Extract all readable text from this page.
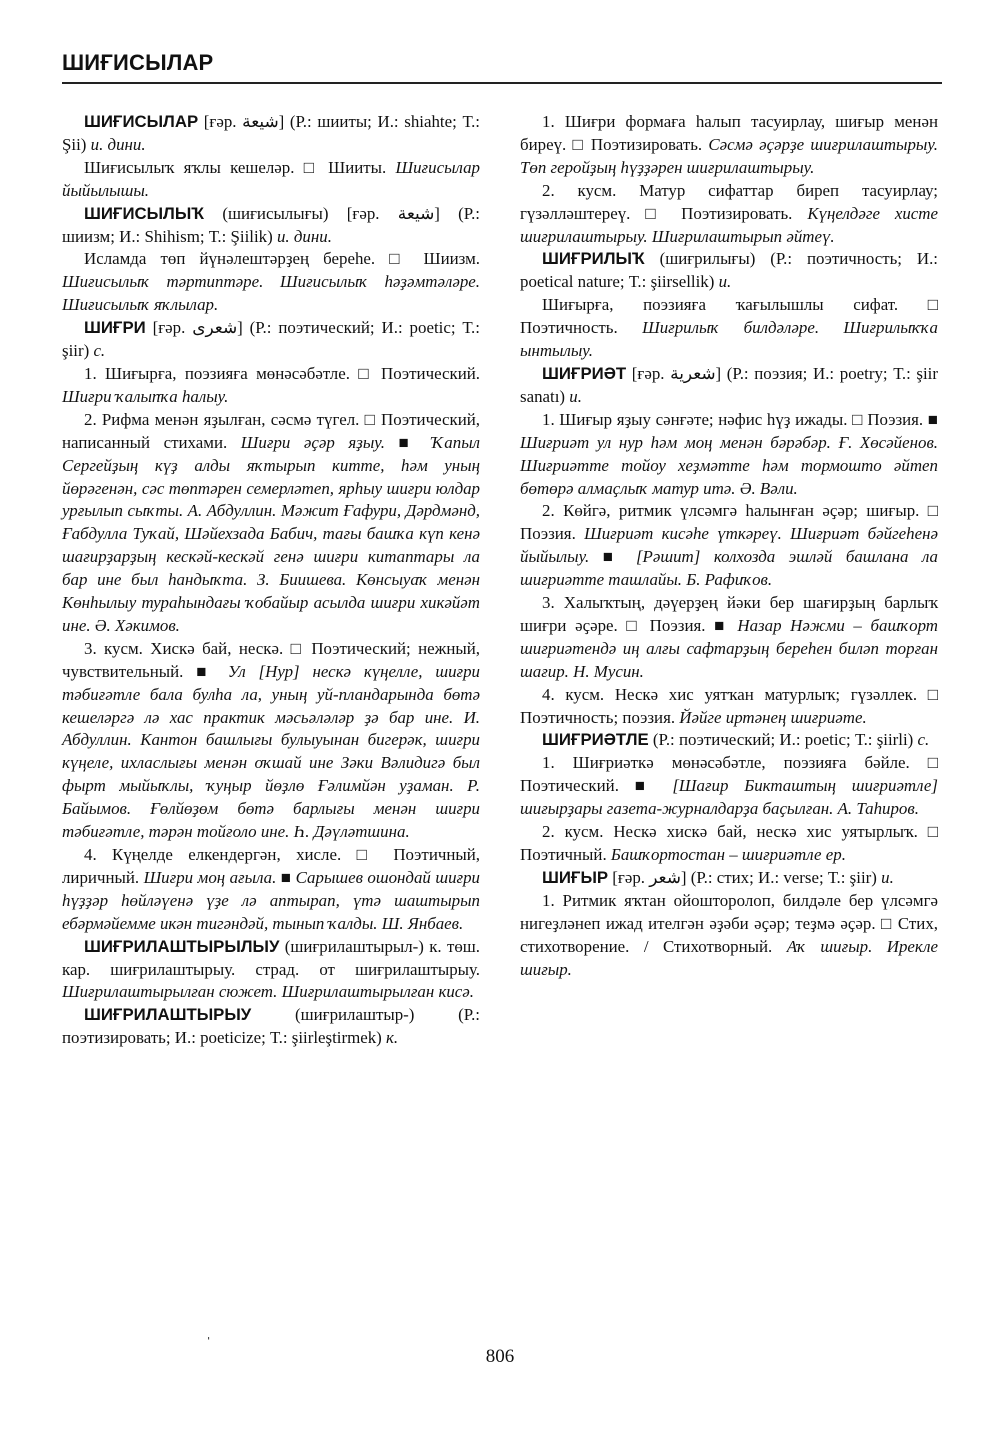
ШИҒИСЫЛАР

ШИҒИСЫЛАР [ғәр. شيعة] (Р.: шииты; И.: shiahte; Т.: Şii) и. дини.

Шиғисылыҡ яҡлы кешеләр. □ Шииты. Шиғисылар йыйылышы.

ШИҒИСЫЛЫҠ (шиғисылығы) [ғәр. شيعة] (Р.: шиизм; И.: Shihism; Т.: Şiilik) и. дини.

Исламда төп йүнәлештәрҙең береһе. □ Шиизм. Шиғисылыҡ тәртиптәре. Шиғисылыҡ һәҙәмтәләре. Шиғисылыҡ яҡлылар.

ШИҒРИ [ғәр. شعرى] (Р.: поэтический; И.: poetic; Т.: şiir) с.

1. Шиғырға, поэзияға мөнәсәбәтле. □ Поэтический. Шиғри ҡалыпҡа һалыу.

2. Рифма менән яҙылған, сәсмә түгел. □ Поэтический, написанный стихами. Шиғри әҫәр яҙыу. ■ Ҡапыл Сергейҙың күҙ алды яҡтырып китте, һәм уның йөрәгенән, сәс төптәрен семерләтеп, ярһыу шиғри юлдар урғылып сыҡты. А. Абдуллин. Мәжит Ғафури, Дәрдмәнд, Ғабдулла Туҡай, Шәйехзада Бабич, тағы башҡа күп кенә шағирҙарҙың кескәй-кескәй генә шиғри китаптары ла бар ине был һандыҡта. З. Биишева. Көнсыуаҡ менән Көнһылыу тураһындағы ҡобайыр асылда шиғри хикәйәт ине. Ә. Хәкимов.

3. кусм. Хискә бай, нескә. □ Поэтический; нежный, чувствительный. ■ Ул [Нур] нескә күңелле, шиғри тәбиғәтле бала булһа ла, уның уй-пландарында бөтә кешеләргә лә хас практик мәсьәләләр ҙә бар ине. И. Абдуллин. Кантон башлығы булыуынан бигерәк, шиғри күңеле, ихласлығы менән оҡшай ине Зәки Вәлидигә был фырт мыйыҡлы, ҡуңыр йөҙлө Ғәлимйән уҙаман. Р. Байымов. Ғөлйөҙөм бөтә барлығы менән шиғри тәбиғәтле, тәрән тойғоло ине. Һ. Дәүләтшина.

4. Күңелде елкендергән, хисле. □ Поэтичный, лиричный. Шиғри моң ағыла. ■ Сарышев ошондай шиғри һүҙҙәр һөйләүенә үҙе лә аптырап, үтә шаштырып ебәрмәйемме икән тигәндәй, тынып ҡалды. Ш. Янбаев.

ШИҒРИЛАШТЫРЫЛЫУ (шиғрилаштырыл-) к. төш. кар. шиғрилаштырыу. страд. от шиғрилаштырыу. Шиғрилаштырылған сюжет. Шиғрилаштырылған кисә.

ШИҒРИЛАШТЫРЫУ (шиғрилаштыр-) (Р.: поэтизировать; И.: poeticize; Т.: şiirleştirmek) к.

1. Шиғри формаға һалып тасуирлау, шиғыр менән биреү. □ Поэтизировать. Сәсмә әҫәрҙе шиғрилаштырыу. Төп геройҙың һүҙҙәрен шиғрилаштырыу.

2. кусм. Матур сифаттар биреп тасуирлау; гүзәлләштереү. □ Поэтизировать. Күңелдәге хисте шиғрилаштырыу. Шиғрилаштырып әйтеү.

ШИҒРИЛЫҠ (шиғрилығы) (Р.: поэтичность; И.: poetical nature; Т.: şiirsellik) и.

Шиғырға, поэзияға ҡағылышлы сифат. □ Поэтичность. Шиғрилыҡ билдәләре. Шиғрилыҡҡа ынтылыу.

ШИҒРИӘТ [ғәр. شعرية] (Р.: поэзия; И.: poetry; Т.: şiir sanatı) и.

1. Шиғыр яҙыу сәнғәте; нәфис һүҙ ижады. □ Поэзия. ■ Шиғриәт ул нур һәм моң менән бәрәбәр. Ғ. Хөсәйенов. Шиғриәтте тойоу хеҙмәтте һәм тормошто әйтеп бөтөрә алмаҫлыҡ матур итә. Ә. Вәли.

2. Көйгә, ритмик үлсәмгә һалынған әҫәр; шиғыр. □ Поэзия. Шиғриәт кисәһе үткәреү. Шиғриәт бәйгеһенә йыйылыу. ■ [Рәшит] колхозда эшләй башлана ла шиғриәтте ташлайы. Б. Рафиҡов.

3. Халыҡтың, дәүерҙең йәки бер шағирҙың барлыҡ шиғри әҫәре. □ Поэзия. ■ Назар Нәжми – башҡорт шиғриәтендә иң алғы сафтарҙың береһен билəп торған шағир. Н. Мусин.

4. кусм. Нескә хис уятҡан матурлыҡ; гүзәллек. □ Поэтичность; поэзия. Йәйге иртәнең шиғриәте.

ШИҒРИӘТЛЕ (Р.: поэтический; И.: poetic; Т.: şiirli) с.

1. Шиғриәткә мөнәсәбәтле, поэзияға бәйле. □ Поэтический. ■ [Шағир Бикташтың шиғриәтле] шиғырҙары газета-журналдарҙа баҫылған. А. Таһиров.

2. кусм. Нескә хискә бай, нескә хис уятырлыҡ. □ Поэтичный. Башҡортостан – шиғриәтле ер.

ШИҒЫР [ғәр. شعر] (Р.: стих; И.: verse; Т.: şiir) и.

1. Ритмик яҡтан ойошторолоп, билдәле бер үлсәмгә нигеҙләнеп ижад ителгән әҙәби әҫәр; теҙмә әҫәр. □ Стих, стихотворение. / Стихотворный. Аҡ шиғыр. Иреклe шиғыр.

ˌ
806
